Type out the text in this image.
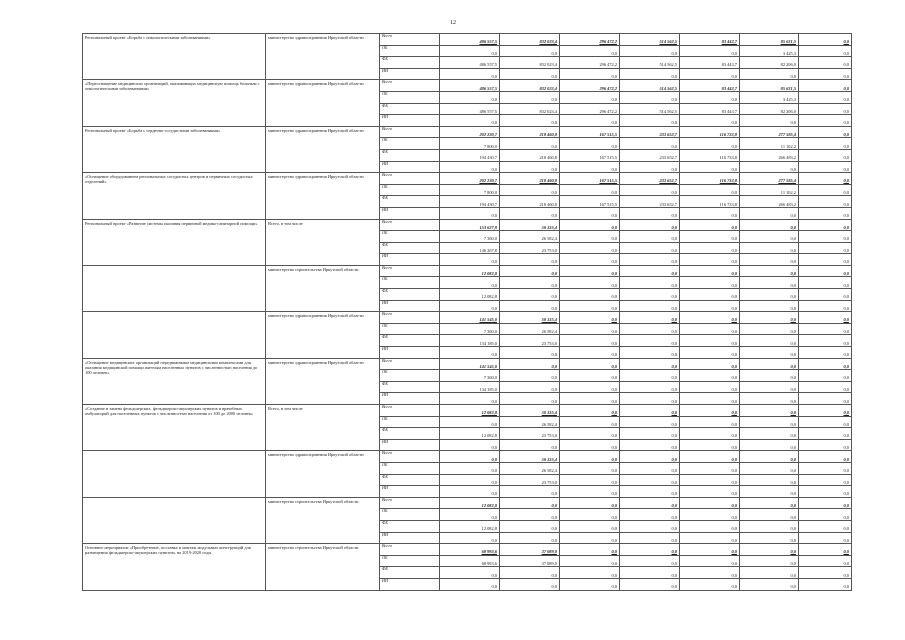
12
Региональный проект «Борьба с онкологическими заболеваниями»	министерство здравоохранения Иркутской области	Всего	486 557,5	832 023,4	296 472,2	514 562,5	83 443,7	85 631,5	0,0
		ОБ	0,0	0,0	0,0	0,0	0,0	3 425,3	0,0
		ФБ	486 557,5	832 023,4	296 472,2	514 562,5	83 443,7	82 206,0	0,0
		ИИ	0,0	0,0	0,0	0,0	0,0	0,0	0,0
«Переоснащение медицинских организаций, оказывающих медицинскую помощь больным с онкологическими заболеваниями»	министерство здравоохранения Иркутской области	Всего	486 557,5	832 023,4	296 472,2	514 562,5	83 443,7	85 631,5	0,0
		ОБ	0,0	0,0	0,0	0,0	0,0	3 425,3	0,0
		ФБ	486 557,5	832 023,4	296 472,2	514 562,5	83 443,7	82 206,0	0,0
		ИИ	0,0	0,0	0,0	0,0	0,0	0,0	0,0
Региональный проект «Борьба с сердечно-сосудистыми заболеваниями»	министерство здравоохранения Иркутской области	Всего	202 230,7	218 460,8	167 515,5	233 652,7	116 733,8	277 585,4	0,0
		ОБ	7 800,0	0,0	0,0	0,0	0,0	11 102,2	0,0
		ФБ	194 430,7	218 460,8	167 515,5	233 652,7	116 733,8	266 483,2	0,0
		ИИ	0,0	0,0	0,0	0,0	0,0	0,0	0,0
«Оснащение оборудованием региональных сосудистых центров и первичных сосудистых отделений»	министерство здравоохранения Иркутской области	Всего	202 230,7	218 460,8	167 515,5	233 652,7	116 733,8	277 585,4	0,0
		ОБ	7 800,0	0,0	0,0	0,0	0,0	11 102,2	0,0
		ФБ	194 430,7	218 460,8	167 515,5	233 652,7	116 733,8	266 483,2	0,0
		ИИ	0,0	0,0	0,0	0,0	0,0	0,0	0,0
Региональный проект «Развитие системы оказания первичной медико-санитарной помощи»	Всего, в том числе	Всего	153 627,8	50 335,4	0,0	0,0	0,0	0,0	0,0
		ОБ	7 360,0	26 582,4	0,0	0,0	0,0	0,0	0,0
		ФБ	146 267,8	23 753,0	0,0	0,0	0,0	0,0	0,0
		ИИ	0,0	0,0	0,0	0,0	0,0	0,0	0,0
	министерство строительства Иркутской области	Всего	12 082,8	0,0	0,0	0,0	0,0	0,0	0,0
		ОБ	0,0	0,0	0,0	0,0	0,0	0,0	0,0
		ФБ	12 082,8	0,0	0,0	0,0	0,0	0,0	0,0
		ИИ	0,0	0,0	0,0	0,0	0,0	0,0	0,0
	министерство здравоохранения Иркутской области	Всего	141 545,0	50 335,4	0,0	0,0	0,0	0,0	0,0
		ОБ	7 360,0	26 582,4	0,0	0,0	0,0	0,0	0,0
		ФБ	134 185,0	23 753,0	0,0	0,0	0,0	0,0	0,0
		ИИ	0,0	0,0	0,0	0,0	0,0	0,0	0,0
«Оснащение медицинских организаций передвижными медицинскими комплексами для оказания медицинской помощи жителям населенных пунктов с численностью населения до 100 человек»	министерство здравоохранения Иркутской области	Всего	141 545,0	0,0	0,0	0,0	0,0	0,0	0,0
		ОБ	7 360,0	0,0	0,0	0,0	0,0	0,0	0,0
		ФБ	134 185,0	0,0	0,0	0,0	0,0	0,0	0,0
		ИИ	0,0	0,0	0,0	0,0	0,0	0,0	0,0
«Создание и замена фельдшерских, фельдшерско-акушерских пунктов и врачебных амбулаторий для населенных пунктов с численностью населения от 100 до 2000 человек»	Всего, в том числе	Всего	12 082,8	50 335,4	0,0	0,0	0,0	0,0	0,0
		ОБ	0,0	26 582,4	0,0	0,0	0,0	0,0	0,0
		ФБ	12 082,8	23 753,0	0,0	0,0	0,0	0,0	0,0
		ИИ	0,0	0,0	0,0	0,0	0,0	0,0	0,0
	министерство здравоохранения Иркутской области	Всего	0,0	50 335,4	0,0	0,0	0,0	0,0	0,0
		ОБ	0,0	26 582,4	0,0	0,0	0,0	0,0	0,0
		ФБ	0,0	23 753,0	0,0	0,0	0,0	0,0	0,0
		ИИ	0,0	0,0	0,0	0,0	0,0	0,0	0,0
	министерство строительства Иркутской области	Всего	12 082,8	0,0	0,0	0,0	0,0	0,0	0,0
		ОБ	0,0	0,0	0,0	0,0	0,0	0,0	0,0
		ФБ	12 082,8	0,0	0,0	0,0	0,0	0,0	0,0
		ИИ	0,0	0,0	0,0	0,0	0,0	0,0	0,0
Основное мероприятие «Приобретение, поставка и монтаж модульных конструкций для размещения фельдшерско-акушерских пунктов» на 2019-2020 годы	министерство строительства Иркутской области	Всего	68 993,6	37 089,0	0,0	0,0	0,0	0,0	0,0
		ОБ	68 993,6	37 089,0	0,0	0,0	0,0	0,0	0,0
		ФБ	0,0	0,0	0,0	0,0	0,0	0,0	0,0
		ИИ	0,0	0,0	0,0	0,0	0,0	0,0	0,0
